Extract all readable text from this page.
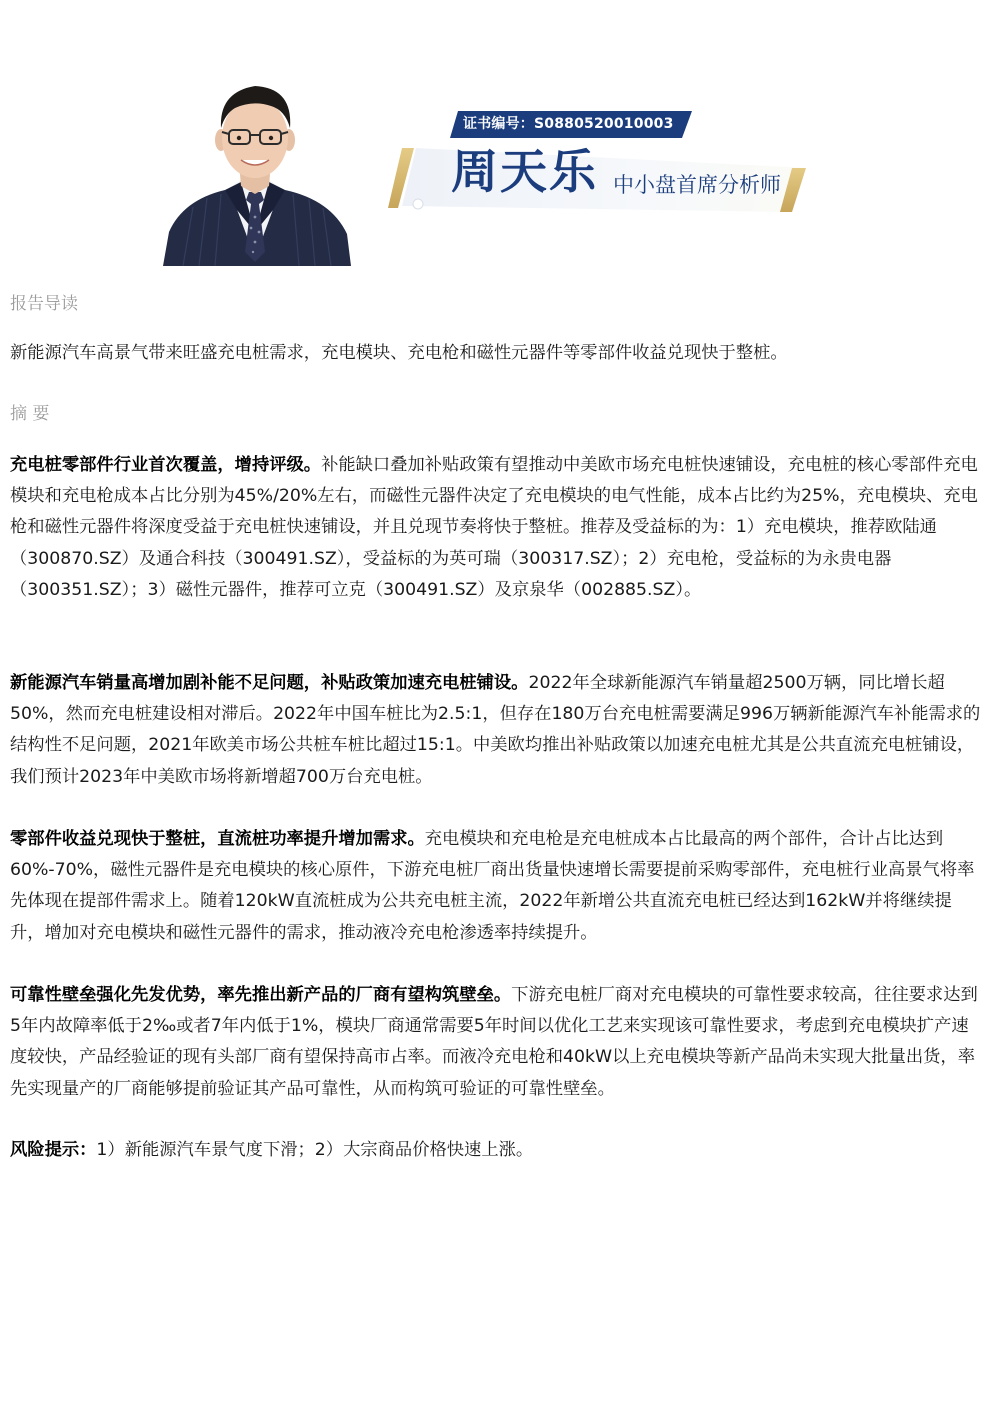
证书编号：S0880520010003
周天乐 中小盘首席分析师
报告导读

新能源汽车高景气带来旺盛充电桩需求，充电模块、充电枪和磁性元器件等零部件收益兑现快于整桩。

摘 要

充电桩零部件行业首次覆盖，增持评级。补能缺口叠加补贴政策有望推动中美欧市场充电桩快速铺设，充电桩的核心零部件充电模块和充电枪成本占比分别为45%/20%左右，而磁性元器件决定了充电模块的电气性能，成本占比约为25%，充电模块、充电枪和磁性元器件将深度受益于充电桩快速铺设，并且兑现节奏将快于整桩。推荐及受益标的为：1）充电模块，推荐欧陆通（300870.SZ）及通合科技（300491.SZ），受益标的为英可瑞（300317.SZ）；2）充电枪，受益标的为永贵电器（300351.SZ）；3）磁性元器件，推荐可立克（300491.SZ）及京泉华（002885.SZ）。

新能源汽车销量高增加剧补能不足问题，补贴政策加速充电桩铺设。2022年全球新能源汽车销量超2500万辆，同比增长超50%，然而充电桩建设相对滞后。2022年中国车桩比为2.5:1，但存在180万台充电桩需要满足996万辆新能源汽车补能需求的结构性不足问题，2021年欧美市场公共桩车桩比超过15:1。中美欧均推出补贴政策以加速充电桩尤其是公共直流充电桩铺设，我们预计2023年中美欧市场将新增超700万台充电桩。

零部件收益兑现快于整桩，直流桩功率提升增加需求。充电模块和充电枪是充电桩成本占比最高的两个部件，合计占比达到60%-70%，磁性元器件是充电模块的核心原件，下游充电桩厂商出货量快速增长需要提前采购零部件，充电桩行业高景气将率先体现在提部件需求上。随着120kW直流桩成为公共充电桩主流，2022年新增公共直流充电桩已经达到162kW并将继续提升，增加对充电模块和磁性元器件的需求，推动液冷充电枪渗透率持续提升。

可靠性壁垒强化先发优势，率先推出新产品的厂商有望构筑壁垒。下游充电桩厂商对充电模块的可靠性要求较高，往往要求达到5年内故障率低于2‰或者7年内低于1%，模块厂商通常需要5年时间以优化工艺来实现该可靠性要求，考虑到充电模块扩产速度较快，产品经验证的现有头部厂商有望保持高市占率。而液冷充电枪和40kW以上充电模块等新产品尚未实现大批量出货，率先实现量产的厂商能够提前验证其产品可靠性，从而构筑可验证的可靠性壁垒。

风险提示：1）新能源汽车景气度下滑；2）大宗商品价格快速上涨。
